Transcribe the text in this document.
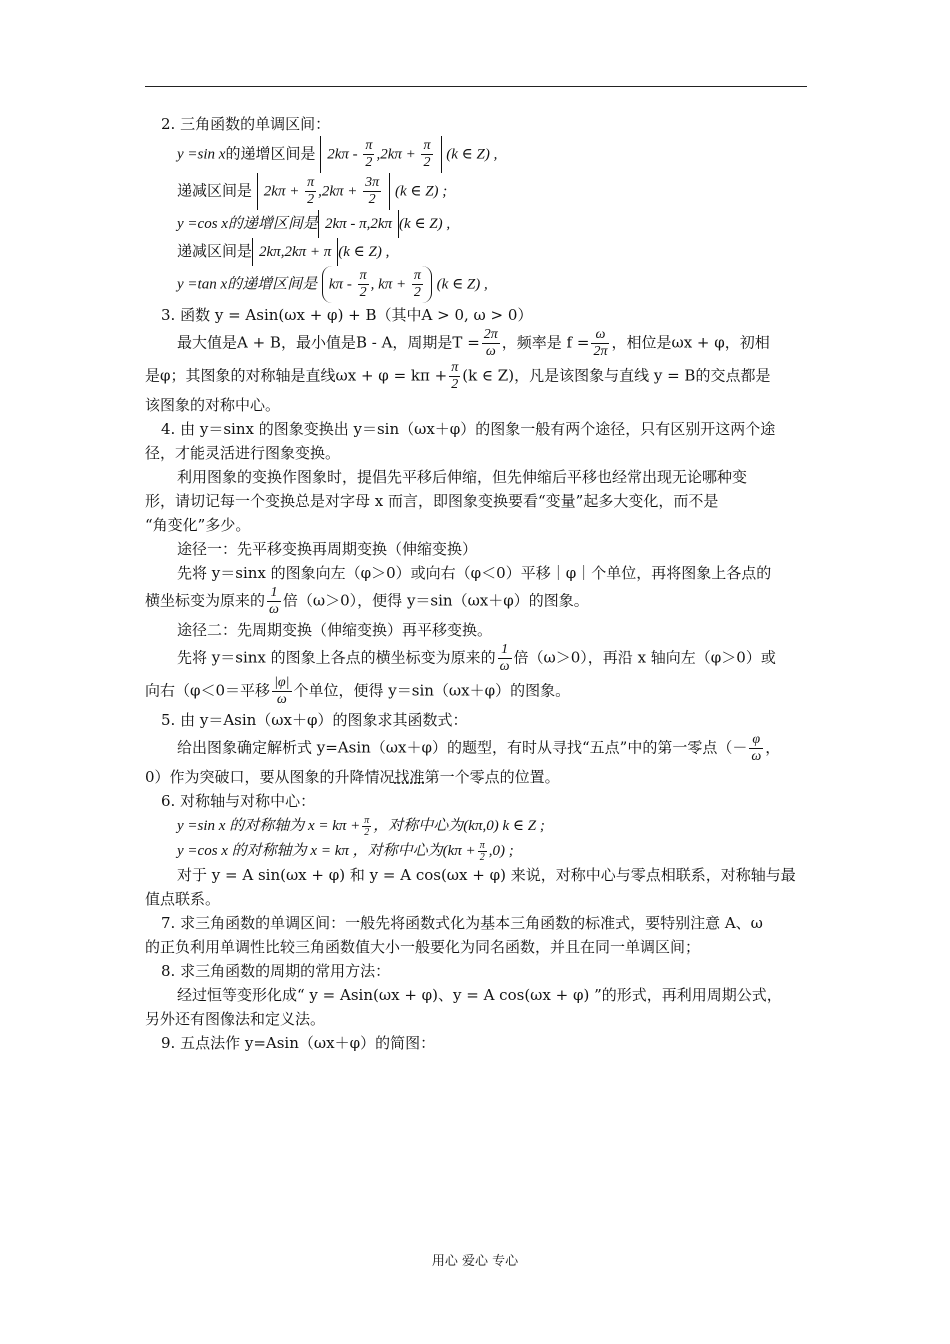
2. 三角函数的单调区间：
y =sin x的递增区间是 $2k\pi - \frac{\pi}{2} ,2k\pi + \frac{\pi}{2} (k$ ∈ Z) ,
递减区间是 $2k\pi + \frac{\pi}{2} ,2k\pi + \frac{3\pi}{2} (k$ ∈ Z) ;
y =cos x的递增区间是 2kπ - π,2kπ (k ∈ Z) ,
递减区间是 2kπ,2kπ + π (k ∈ Z) ,
y =tan x的递增区间是 kπ - $\frac{\pi}{2}$ , $k\pi + \frac{\pi}{2} (k$ ∈ Z) ,
3. 函数 y = Asin(ωx + φ) + B（其中A > 0, ω > 0）
最大值是A + B，最小值是B - A，周期是$T = \frac{2\pi}{\omega}$ ，频率是 $f = \frac{\omega}{2\pi}$ ，相位是ωx + φ，初相
是φ；其图象的对称轴是直线$\omega x + \varphi = k\pi + \frac{\pi}{2} (k$ ∈ Z)，凡是该图象与直线 y = B的交点都是
该图象的对称中心。
4. 由 y＝sinx 的图象变换出 y＝sin（ωx＋φ）的图象一般有两个途径，只有区别开这两个途
径，才能灵活进行图象变换。
利用图象的变换作图象时，提倡先平移后伸缩，但先伸缩后平移也经常出现无论哪种变
形，请切记每一个变换总是对字母 x 而言，即图象变换要看“变量”起多大变化，而不是
“角变化”多少。
途径一：先平移变换再周期变换（伸缩变换）
先将 y＝sinx 的图象向左（φ＞0）或向右（φ＜0）平移｜φ｜个单位，再将图象上各点的
横坐标变为原来的 $\frac{1}{\omega}$ 倍（ω＞0），便得 y＝sin（ωx＋φ）的图象。
途径二：先周期变换（伸缩变换）再平移变换。
先将 y＝sinx 的图象上各点的横坐标变为原来的 $\frac{1}{\omega}$ 倍（ω＞0），再沿 x 轴向左（φ＞0）或
向右（φ＜0＝平移 $\frac{|\varphi|}{\omega}$ 个单位，便得 y＝sin（ωx＋φ）的图象。
5. 由 y＝Asin（ωx＋φ）的图象求其函数式：
给出图象确定解析式 y=Asin（ωx＋φ）的题型，有时从寻找“五点”中的第一零点（－ $\frac{\varphi}{\omega}$ ，
0）作为突破口，要从图象的升降情况找准第一个零点的位置。
6. 对称轴与对称中心：
y =sin x 的对称轴为 $x = k\pi + \frac{\pi}{2}$ ，对称中心为(kπ,0) k ∈ Z ;
y =cos x 的对称轴为 x = kπ ，对称中心为$(k\pi + \frac{\pi}{2} ,0)$ ;
对于 y = A sin(ωx + φ) 和 y = A cos(ωx + φ) 来说，对称中心与零点相联系，对称轴与最
值点联系。
7. 求三角函数的单调区间：一般先将函数式化为基本三角函数的标准式，要特别注意 A、ω
的正负利用单调性比较三角函数值大小一般要化为同名函数，并且在同一单调区间；
8. 求三角函数的周期的常用方法：
经过恒等变形化成“ y = Asin(ωx + φ)、y = A cos(ωx + φ) ”的形式，再利用周期公式，
另外还有图像法和定义法。
9. 五点法作 y=Asin（ωx＋φ）的简图：
用心 爱心 专心
